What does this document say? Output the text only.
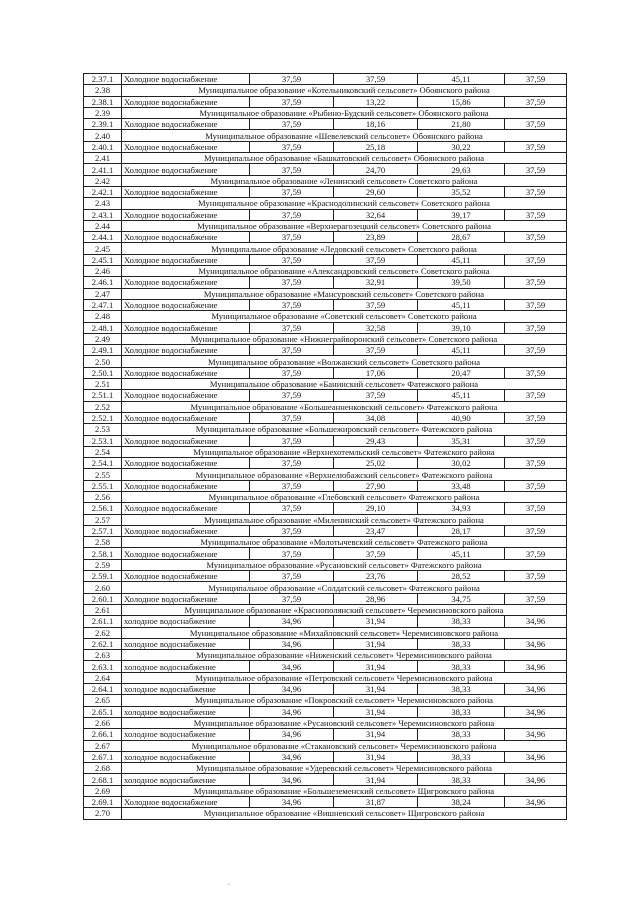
2.37.1	Холодное водоснабжение	37,59	37,59	45,11	37,59
2.38	Муниципальное образование «Котельниковский сельсовет» Обоянского района				
2.38.1	Холодное водоснабжение	37,59	13,22	15,86	37,59
2.39	Муниципальное образование «Рыбино-Будский сельсовет» Обоянского района				
2.39.1	Холодное водоснабжение	37,59	18,16	21,80	37,59
2.40	Муниципальное образование «Шевелевский сельсовет» Обоянского района				
2.40.1	Холодное водоснабжение	37,59	25,18	30,22	37,59
2.41	Муниципальное образование «Башкатовский сельсовет» Обоянского района				
2.41.1	Холодное водоснабжение	37,59	24,70	29,63	37,59
2.42	Муниципальное образование «Ленинский сельсовет» Советского района				
2.42.1	Холодное водоснабжение	37,59	29,60	35,52	37,59
2.43	Муниципальное образование «Краснодолинский сельсовет» Советского района				
2.43.1	Холодное водоснабжение	37,59	32,64	39,17	37,59
2.44	Муниципальное образование «Верхнерагозецкий сельсовет» Советского района				
2.44.1	Холодное водоснабжение	37,59	23,89	28,67	37,59
2.45	Муниципальное образование «Ледовский сельсовет» Советского района				
2.45.1	Холодное водоснабжение	37,59	37,59	45,11	37,59
2.46	Муниципальное образование «Александровский сельсовет» Советского района				
2.46.1	Холодное водоснабжение	37,59	32,91	39,50	37,59
2.47	Муниципальное образование «Мансуровский сельсовет» Советского района				
2.47.1	Холодное водоснабжение	37,59	37,59	45,11	37,59
2.48	Муниципальное образование «Советский сельсовет» Советского района				
2.48.1	Холодное водоснабжение	37,59	32,58	39,10	37,59
2.49	Муниципальное образование «Нижнеграйворонский сельсовет» Советского района				
2.49.1	Холодное водоснабжение	37,59	37,59	45,11	37,59
2.50	Муниципальное образование «Волжанский сельсовет» Советского района				
2.50.1	Холодное водоснабжение	37,59	17,06	20,47	37,59
2.51	Муниципальное образование «Банинский сельсовет» Фатежского района				
2.51.1	Холодное водоснабжение	37,59	37,59	45,11	37,59
2.52	Муниципальное образование «Большеанненковский сельсовет» Фатежского района				
2.52.1	Холодное водоснабжение	37,59	34,08	40,90	37,59
2.53	Муниципальное образование «Большежировский сельсовет» Фатежского района				
2.53.1	Холодное водоснабжение	37,59	29,43	35,31	37,59
2.54	Муниципальное образование «Верхнехотемльский сельсовет» Фатежского района				
2.54.1	Холодное водоснабжение	37,59	25,02	30,02	37,59
2.55	Муниципальное образование «Верхнелюбажский сельсовет» Фатежского района				
2.55.1	Холодное водоснабжение	37,59	27,90	33,48	37,59
2.56	Муниципальное образование «Глебовский сельсовет» Фатежского района				
2.56.1	Холодное водоснабжение	37,59	29,10	34,93	37,59
2.57	Муниципальное образование «Миленинский сельсовет» Фатежского района				
2.57.1	Холодное водоснабжение	37,59	23,47	28,17	37,59
2.58	Муниципальное образование «Молотычевский сельсовет» Фатежского района				
2.58.1	Холодное водоснабжение	37,59	37,59	45,11	37,59
2.59	Муниципальное образование «Русановский сельсовет» Фатежского района				
2.59.1	Холодное водоснабжение	37,59	23,76	28,52	37,59
2.60	Муниципальное образование «Солдатский сельсовет» Фатежского района				
2.60.1	Холодное водоснабжение	37,59	28,96	34,75	37,59
2.61	Муниципальное образование «Краснополянский сельсовет» Черемисиновского района				
2.61.1	холодное водоснабжение	34,96	31,94	38,33	34,96
2.62	Муниципальное образование «Михайловский сельсовет» Черемисиновского района				
2.62.1	холодное водоснабжение	34,96	31,94	38,33	34,96
2.63	Муниципальное образование «Ниженский сельсовет» Черемисиновского района				
2.63.1	холодное водоснабжение	34,96	31,94	38,33	34,96
2.64	Муниципальное образование «Петровский сельсовет» Черемисиновского района				
2.64.1	холодное водоснабжение	34,96	31,94	38,33	34,96
2.65	Муниципальное образование «Покровский сельсовет» Черемисиновского района				
2.65.1	холодное водоснабжение	34,96	31,94	38,33	34,96
2.66	Муниципальное образование «Русановский сельсовет» Черемисиновского района				
2.66.1	холодное водоснабжение	34,96	31,94	38,33	34,96
2.67	Муниципальное образование «Стакановский сельсовет» Черемисиновского района				
2.67.1	холодное водоснабжение	34,96	31,94	38,33	34,96
2.68	Муниципальное образование «Удеревский сельсовет» Черемисиновского района				
2.68.1	холодное водоснабжение	34,96	31,94	38,33	34,96
2.69	Муниципальное образование «Большеземенский сельсовет» Щигровского района				
2.69.1	Холодное водоснабжение	34,96	31,87	38,24	34,96
2.70	Муниципальное образование «Вишневский сельсовет» Щигровского района				
.
